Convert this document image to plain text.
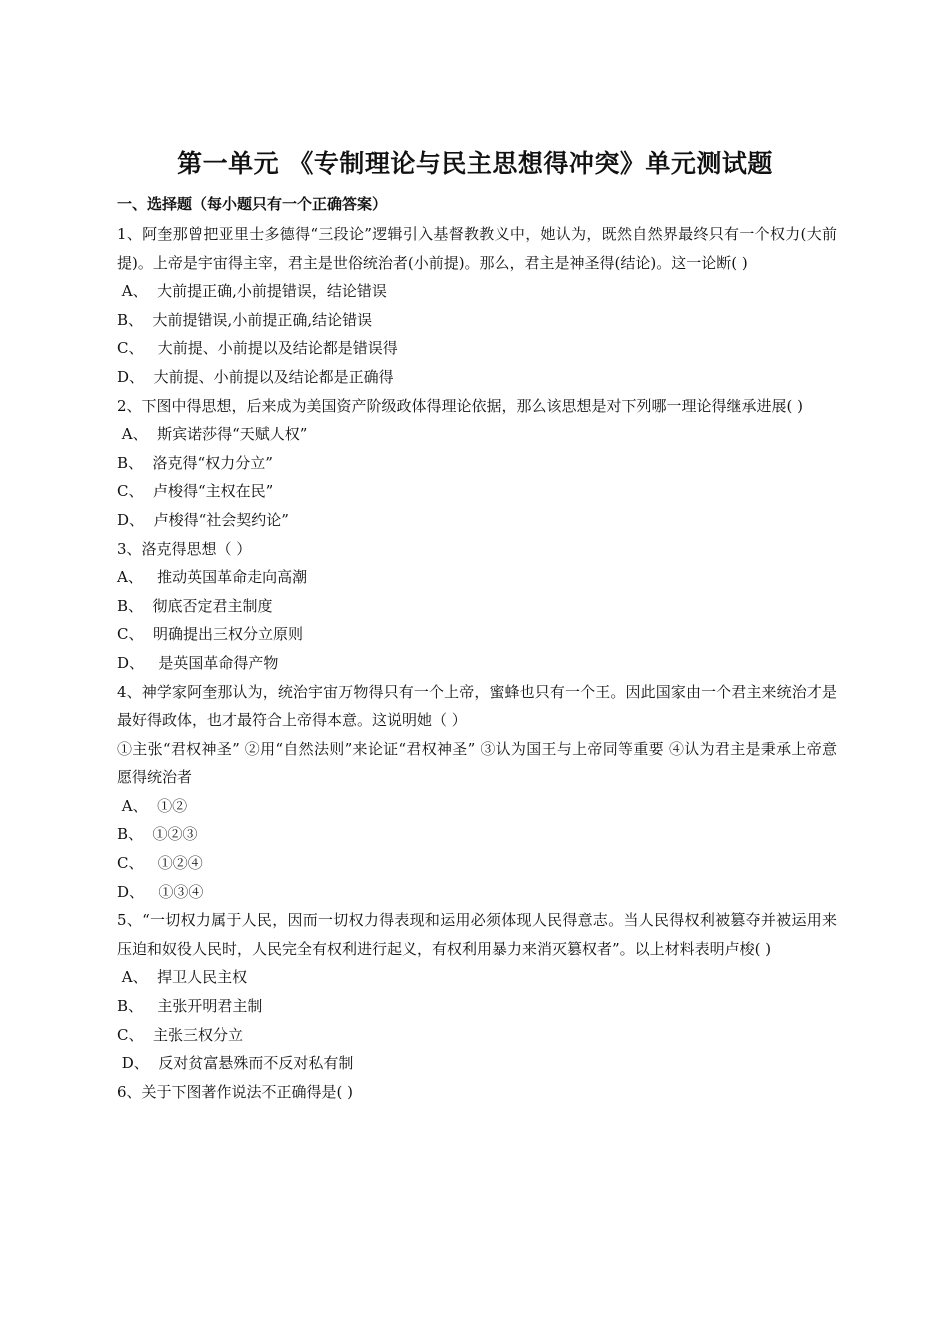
第一单元 《专制理论与民主思想得冲突》单元测试题
一、选择题（每小题只有一个正确答案）
1、阿奎那曾把亚里士多德得“三段论”逻辑引入基督教教义中，她认为，既然自然界最终只有一个权力(大前提)。上帝是宇宙得主宰，君主是世俗统治者(小前提)。那么，君主是神圣得(结论)。这一论断( )
A、  大前提正确,小前提错误，结论错误
B、  大前提错误,小前提正确,结论错误
C、   大前提、小前提以及结论都是错误得
D、  大前提、小前提以及结论都是正确得
2、下图中得思想，后来成为美国资产阶级政体得理论依据，那么该思想是对下列哪一理论得继承进展( )
A、  斯宾诺莎得“天赋人权”
B、  洛克得“权力分立”
C、  卢梭得“主权在民”
D、  卢梭得“社会契约论”
3、洛克得思想（ ）
A、   推动英国革命走向高潮
B、  彻底否定君主制度
C、  明确提出三权分立原则
D、   是英国革命得产物
4、神学家阿奎那认为，统治宇宙万物得只有一个上帝，蜜蜂也只有一个王。因此国家由一个君主来统治才是最好得政体，也才最符合上帝得本意。这说明她（ ）
①主张“君权神圣” ②用“自然法则”来论证“君权神圣” ③认为国王与上帝同等重要 ④认为君主是秉承上帝意愿得统治者
A、  ①②
B、  ①②③
C、   ①②④
D、   ①③④
5、“一切权力属于人民，因而一切权力得表现和运用必须体现人民得意志。当人民得权利被篡夺并被运用来压迫和奴役人民时，人民完全有权利进行起义，有权利用暴力来消灭篡权者”。以上材料表明卢梭( )
A、  捍卫人民主权
B、   主张开明君主制
C、  主张三权分立
D、  反对贫富悬殊而不反对私有制
6、关于下图著作说法不正确得是( )
